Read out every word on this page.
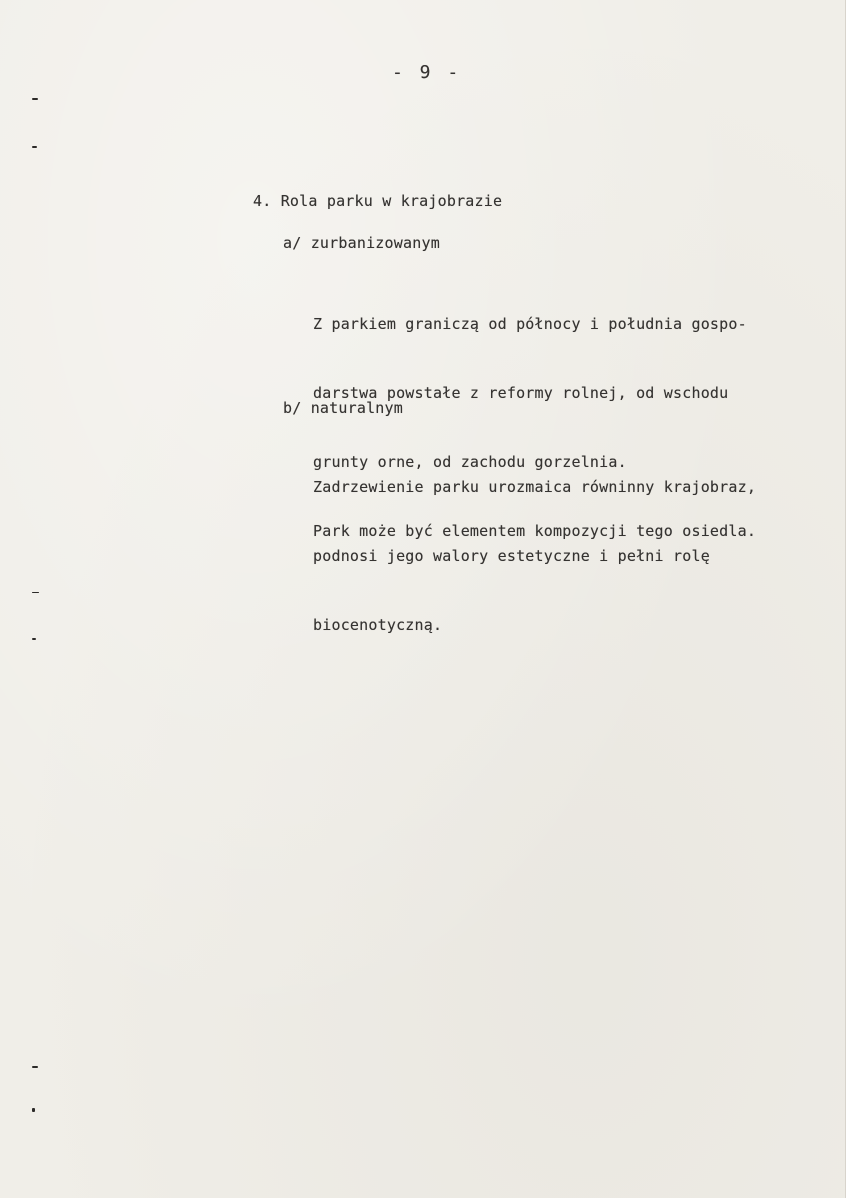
- 9 -
4. Rola parku w krajobrazie
a/ zurbanizowanym

Z parkiem graniczą od północy i południa gospo-

darstwa powstałe z reformy rolnej, od wschodu

grunty orne, od zachodu gorzelnia.

Park może być elementem kompozycji tego osiedla.

b/ naturalnym

Zadrzewienie parku urozmaica równinny krajobraz,

podnosi jego walory estetyczne i pełni rolę

biocenotyczną.
